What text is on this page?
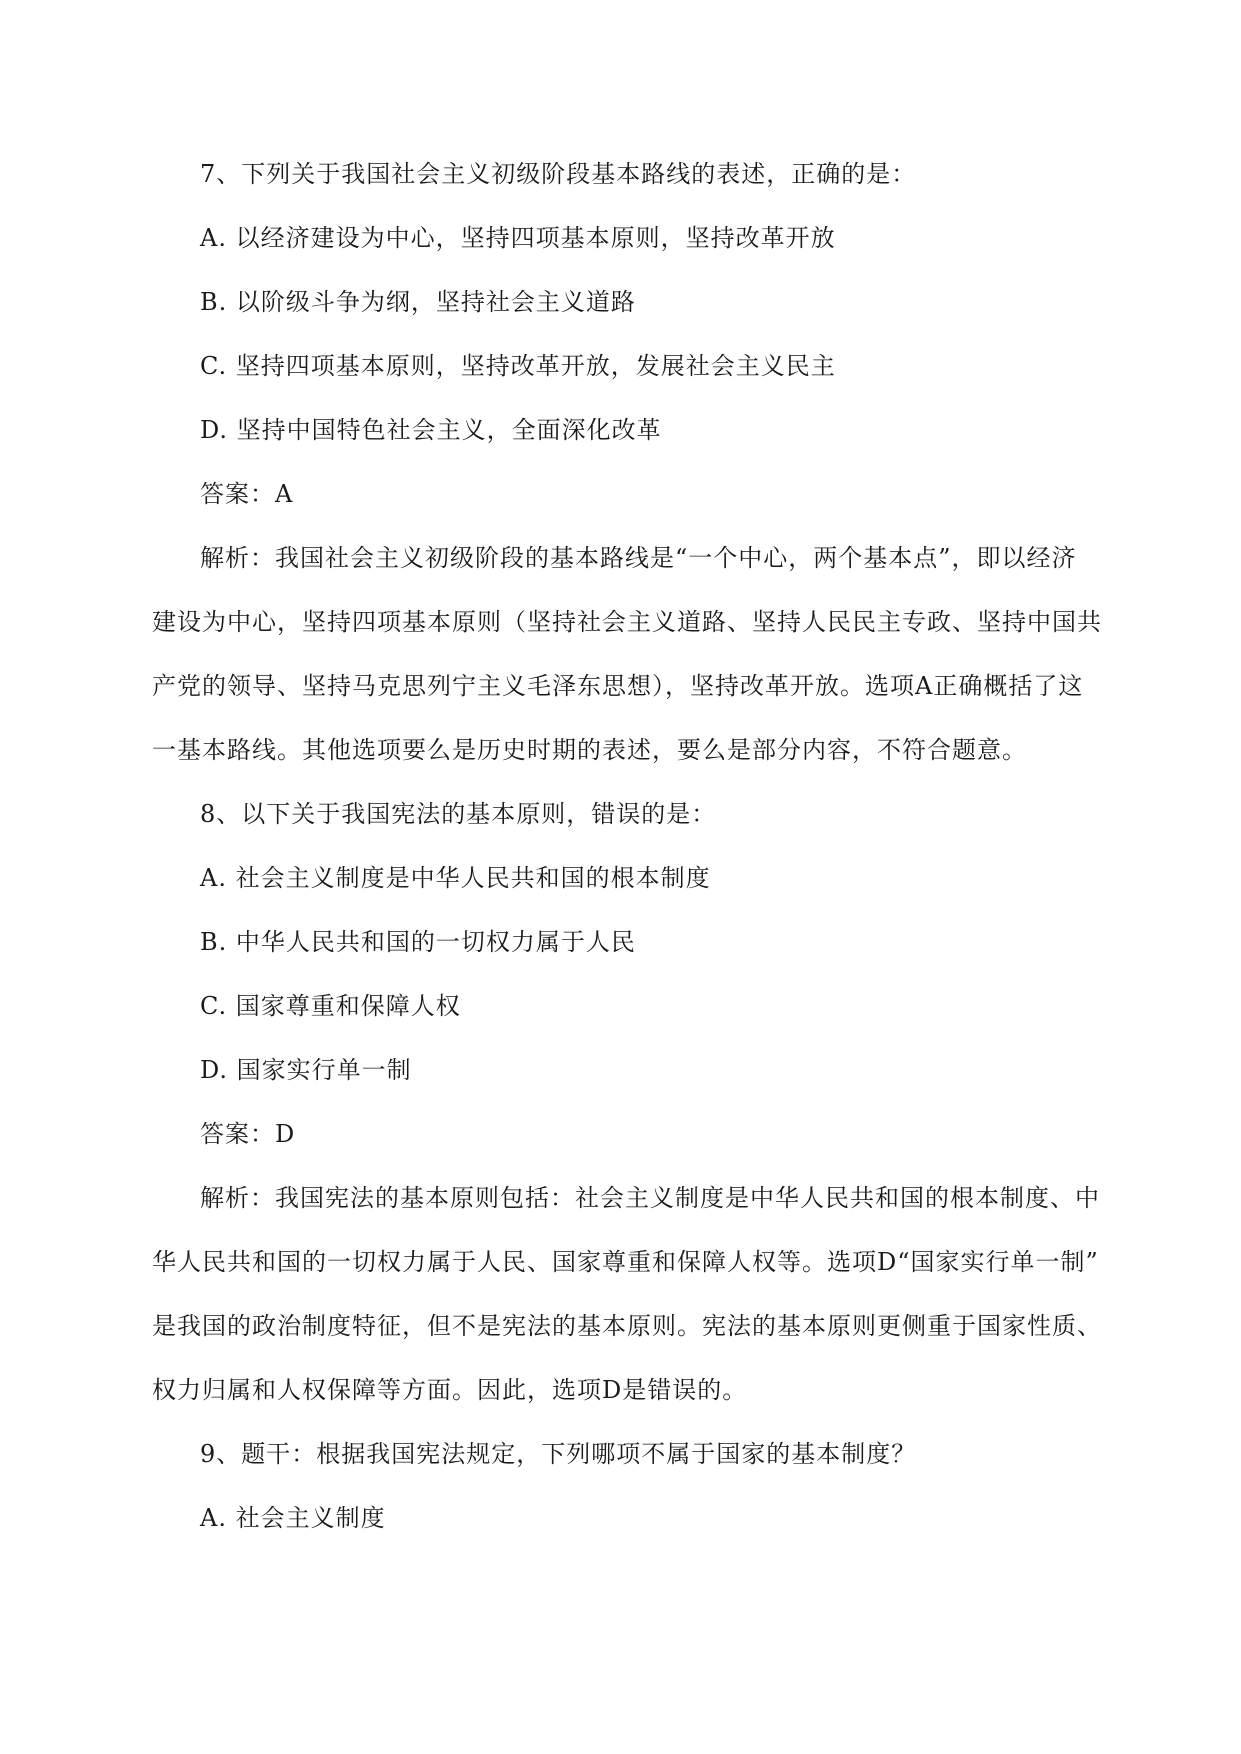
7、下列关于我国社会主义初级阶段基本路线的表述，正确的是：
A. 以经济建设为中心，坚持四项基本原则，坚持改革开放
B. 以阶级斗争为纲，坚持社会主义道路
C. 坚持四项基本原则，坚持改革开放，发展社会主义民主
D. 坚持中国特色社会主义，全面深化改革
答案：A
解析：我国社会主义初级阶段的基本路线是“一个中心，两个基本点”，即以经济
建设为中心，坚持四项基本原则（坚持社会主义道路、坚持人民民主专政、坚持中国共
产党的领导、坚持马克思列宁主义毛泽东思想），坚持改革开放。选项A正确概括了这
一基本路线。其他选项要么是历史时期的表述，要么是部分内容，不符合题意。
8、以下关于我国宪法的基本原则，错误的是：
A. 社会主义制度是中华人民共和国的根本制度
B. 中华人民共和国的一切权力属于人民
C. 国家尊重和保障人权
D. 国家实行单一制
答案：D
解析：我国宪法的基本原则包括：社会主义制度是中华人民共和国的根本制度、中
华人民共和国的一切权力属于人民、国家尊重和保障人权等。选项D“国家实行单一制”
是我国的政治制度特征，但不是宪法的基本原则。宪法的基本原则更侧重于国家性质、
权力归属和人权保障等方面。因此，选项D是错误的。
9、题干：根据我国宪法规定，下列哪项不属于国家的基本制度？
A. 社会主义制度
